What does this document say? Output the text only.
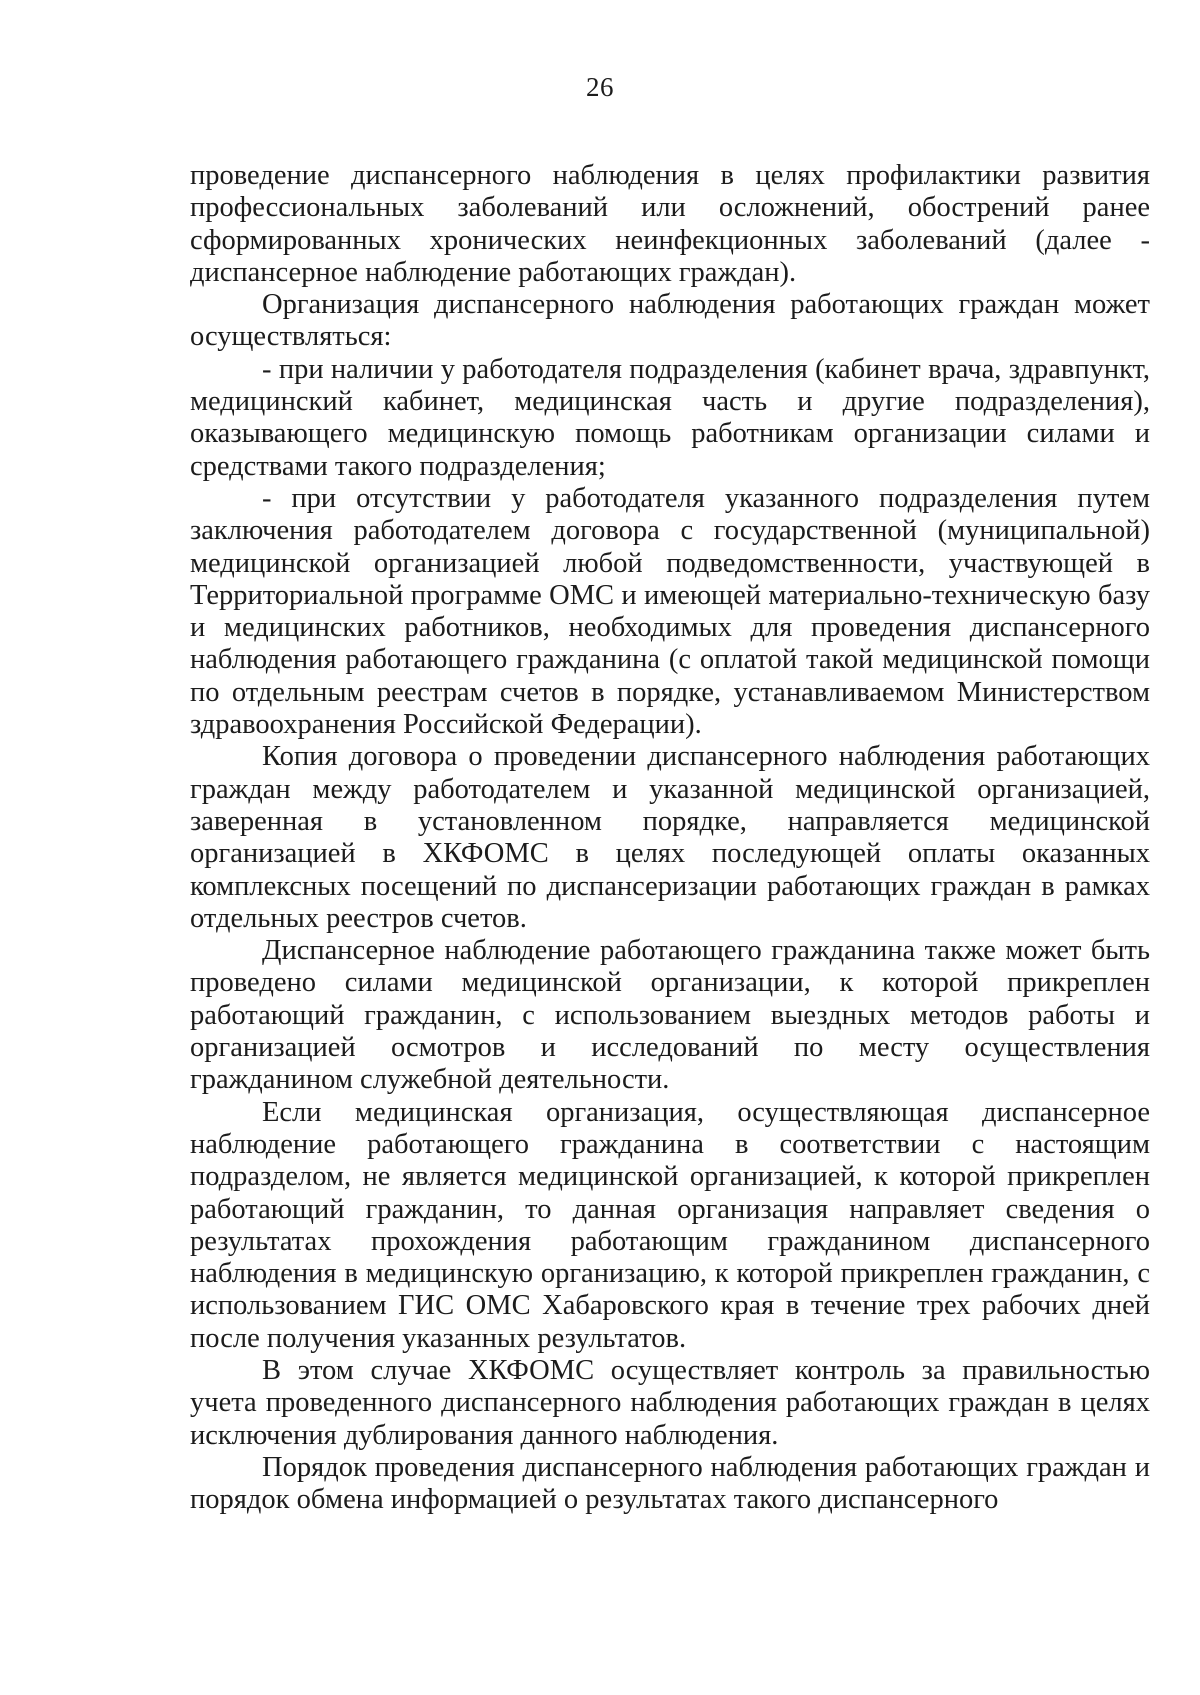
26

проведение диспансерного наблюдения в целях профилактики развития профессиональных заболеваний или осложнений, обострений ранее сформированных хронических неинфекционных заболеваний (далее - диспансерное наблюдение работающих граждан).

Организация диспансерного наблюдения работающих граждан может осуществляться:

- при наличии у работодателя подразделения (кабинет врача, здравпункт, медицинский кабинет, медицинская часть и другие подразделения), оказывающего медицинскую помощь работникам организации силами и средствами такого подразделения;

- при отсутствии у работодателя указанного подразделения путем заключения работодателем договора с государственной (муниципальной) медицинской организацией любой подведомственности, участвующей в Территориальной программе ОМС и имеющей материально-техническую базу и медицинских работников, необходимых для проведения диспансерного наблюдения работающего гражданина (с оплатой такой медицинской помощи по отдельным реестрам счетов в порядке, устанавливаемом Министерством здравоохранения Российской Федерации).

Копия договора о проведении диспансерного наблюдения работающих граждан между работодателем и указанной медицинской организацией, заверенная в установленном порядке, направляется медицинской организацией в ХКФОМС в целях последующей оплаты оказанных комплексных посещений по диспансеризации работающих граждан в рамках отдельных реестров счетов.

Диспансерное наблюдение работающего гражданина также может быть проведено силами медицинской организации, к которой прикреплен работающий гражданин, с использованием выездных методов работы и организацией осмотров и исследований по месту осуществления гражданином служебной деятельности.

Если медицинская организация, осуществляющая диспансерное наблюдение работающего гражданина в соответствии с настоящим подразделом, не является медицинской организацией, к которой прикреплен работающий гражданин, то данная организация направляет сведения о результатах прохождения работающим гражданином диспансерного наблюдения в медицинскую организацию, к которой прикреплен гражданин, с использованием ГИС ОМС Хабаровского края в течение трех рабочих дней после получения указанных результатов.

В этом случае ХКФОМС осуществляет контроль за правильностью учета проведенного диспансерного наблюдения работающих граждан в целях исключения дублирования данного наблюдения.

Порядок проведения диспансерного наблюдения работающих граждан и порядок обмена информацией о результатах такого диспансерного
